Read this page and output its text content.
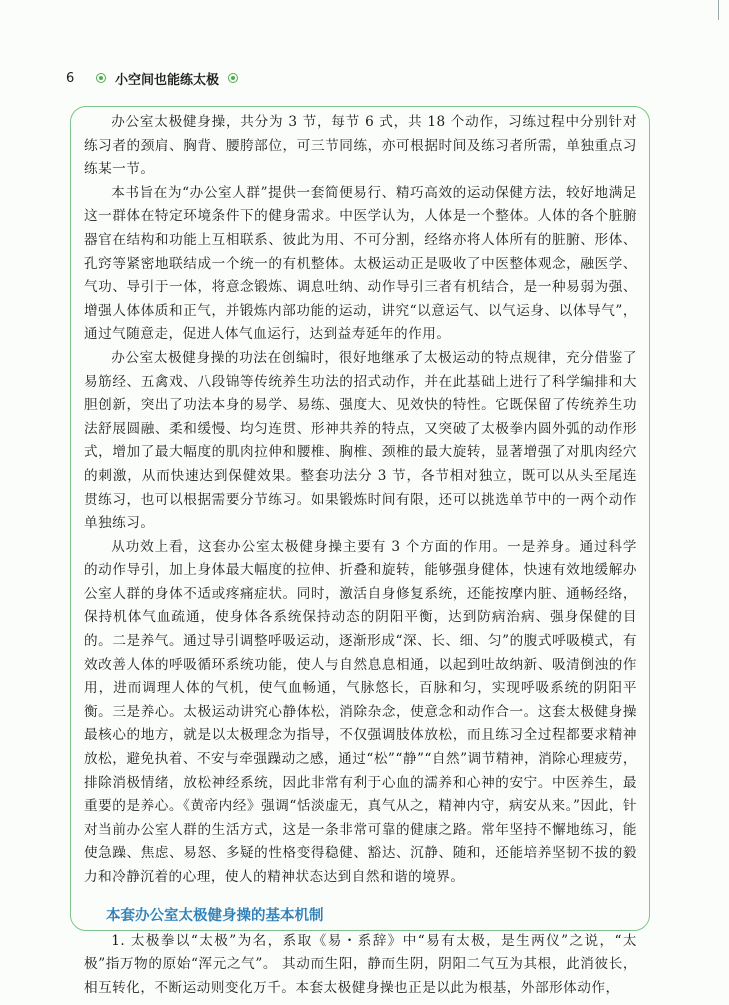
6	小空间也能练太极

办公室太极健身操，共分为 3 节，每节 6 式，共 18 个动作，习练过程中分别针对练习者的颈肩、胸背、腰胯部位，可三节同练，亦可根据时间及练习者所需，单独重点习练某一节。

本书旨在为“办公室人群”提供一套简便易行、精巧高效的运动保健方法，较好地满足这一群体在特定环境条件下的健身需求。中医学认为，人体是一个整体。人体的各个脏腑器官在结构和功能上互相联系、彼此为用、不可分割，经络亦将人体所有的脏腑、形体、孔窍等紧密地联结成一个统一的有机整体。太极运动正是吸收了中医整体观念，融医学、气功、导引于一体，将意念锻炼、调息吐纳、动作导引三者有机结合，是一种易弱为强、增强人体体质和正气，并锻炼内部功能的运动，讲究“以意运气、以气运身、以体导气”，通过气随意走，促进人体气血运行，达到益寿延年的作用。

办公室太极健身操的功法在创编时，很好地继承了太极运动的特点规律，充分借鉴了易筋经、五禽戏、八段锦等传统养生功法的招式动作，并在此基础上进行了科学编排和大胆创新，突出了功法本身的易学、易练、强度大、见效快的特性。它既保留了传统养生功法舒展圆融、柔和缓慢、均匀连贯、形神共养的特点，又突破了太极拳内圆外弧的动作形式，增加了最大幅度的肌肉拉伸和腰椎、胸椎、颈椎的最大旋转，显著增强了对肌肉经穴的刺激，从而快速达到保健效果。整套功法分 3 节，各节相对独立，既可以从头至尾连贯练习，也可以根据需要分节练习。如果锻炼时间有限，还可以挑选单节中的一两个动作单独练习。

从功效上看，这套办公室太极健身操主要有 3 个方面的作用。一是养身。通过科学的动作导引，加上身体最大幅度的拉伸、折叠和旋转，能够强身健体，快速有效地缓解办公室人群的身体不适或疼痛症状。同时，激活自身修复系统，还能按摩内脏、通畅经络，保持机体气血疏通，使身体各系统保持动态的阴阳平衡，达到防病治病、强身保健的目的。二是养气。通过导引调整呼吸运动，逐渐形成“深、长、细、匀”的腹式呼吸模式，有效改善人体的呼吸循环系统功能，使人与自然息息相通，以起到吐故纳新、吸清倒浊的作用，进而调理人体的气机，使气血畅通，气脉悠长，百脉和匀，实现呼吸系统的阴阳平衡。三是养心。太极运动讲究心静体松，消除杂念，使意念和动作合一。这套太极健身操最核心的地方，就是以太极理念为指导，不仅强调肢体放松，而且练习全过程都要求精神放松，避免执着、不安与牵强躁动之感，通过“松”“静”“自然”调节精神，消除心理疲劳，排除消极情绪，放松神经系统，因此非常有利于心血的濡养和心神的安宁。中医养生，最重要的是养心。《黄帝内经》强调“恬淡虚无，真气从之，精神内守，病安从来。”因此，针对当前办公室人群的生活方式，这是一条非常可靠的健康之路。常年坚持不懈地练习，能使急躁、焦虑、易怒、多疑的性格变得稳健、豁达、沉静、随和，还能培养坚韧不拔的毅力和冷静沉着的心理，使人的精神状态达到自然和谐的境界。

本套办公室太极健身操的基本机制

1. 太极拳以“太极”为名，系取《易・系辞》中“易有太极，是生两仪”之说，“太极”指万物的原始“浑元之气”。 其动而生阳，静而生阴，阴阳二气互为其根，此消彼长，相互转化，不断运动则变化万千。本套太极健身操也正是以此为根基，外部形体动作，
